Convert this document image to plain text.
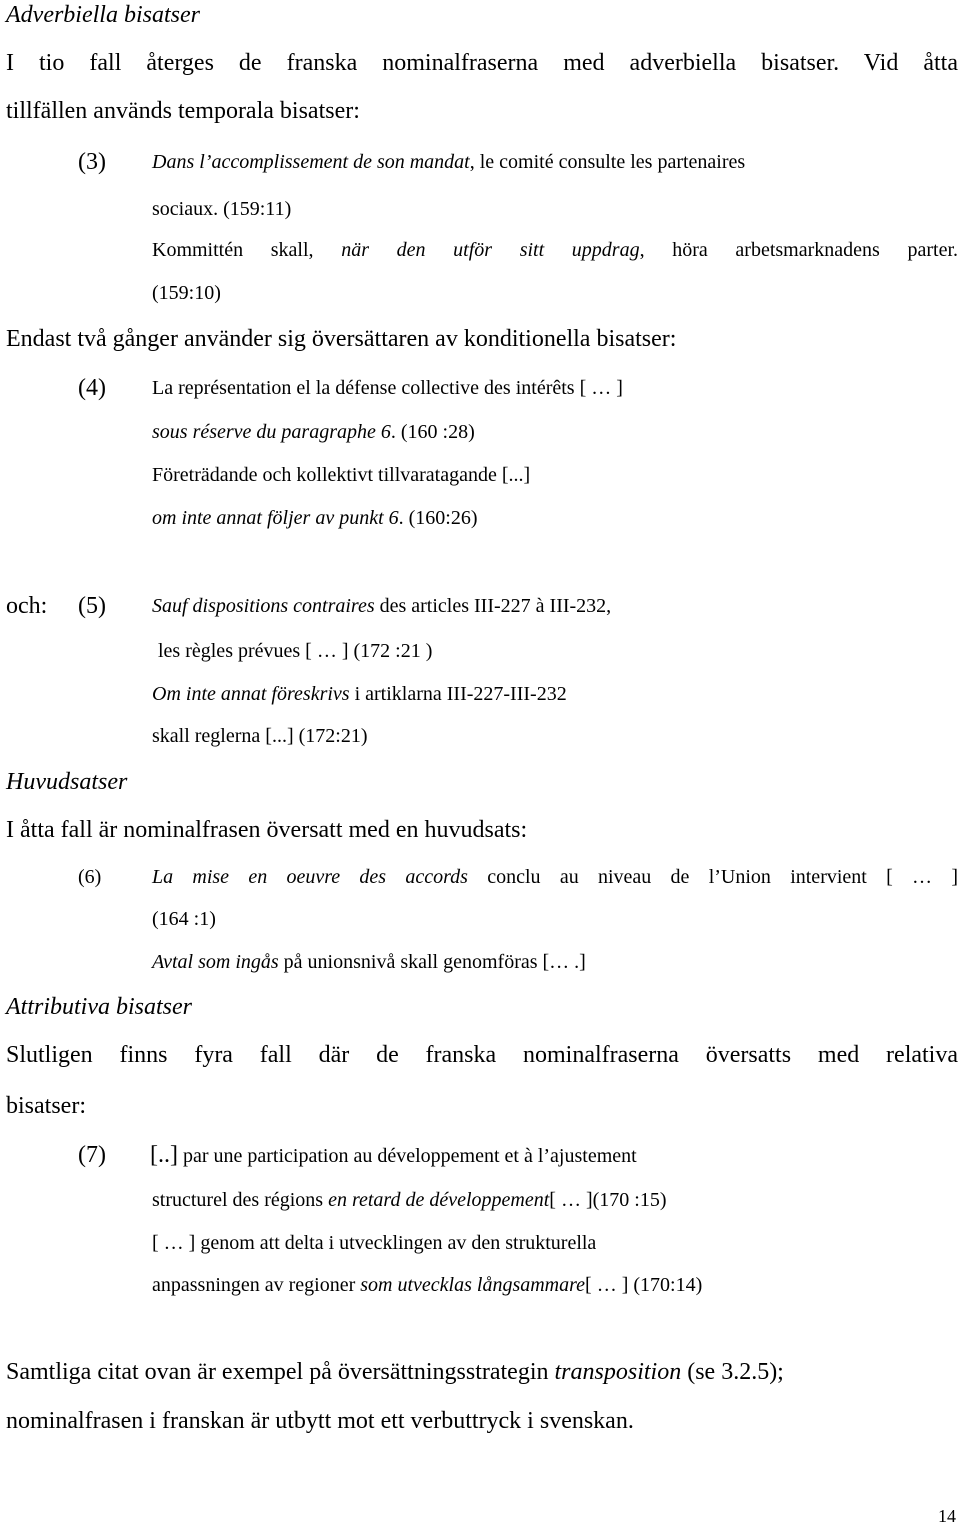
Adverbiella bisatser
I tio fall återges de franska nominalfraserna med adverbiella bisatser. Vid åtta
tillfällen används temporala bisatser:
(3) Dans l’accomplissement de son mandat, le comité consulte les partenaires
sociaux. (159:11)
Kommittén skall, när den utför sitt uppdrag, höra arbetsmarknadens parter.
(159:10)
Endast två gånger använder sig översättaren av konditionella bisatser:
(4) La représentation el la défense collective des intérêts [ … ]
sous réserve du paragraphe 6. (160 :28)
Företrädande och kollektivt tillvaratagande [...]
om inte annat följer av punkt 6. (160:26)
och: (5) Sauf dispositions contraires des articles III-227 à III-232,
les règles prévues [ … ] (172 :21 )
Om inte annat föreskrivs i artiklarna III-227-III-232
skall reglerna [...] (172:21)
Huvudsatser
I åtta fall är nominalfrasen översatt med en huvudsats:
(6)	La mise en oeuvre des accords conclu au niveau de l’Union intervient [ … ]
(164 :1)
Avtal som ingås på unionsnivå skall genomföras [… .]
Attributiva bisatser
Slutligen finns fyra fall där de franska nominalfraserna översatts med relativa
bisatser:
(7) [..] par une participation au développement et à l’ajustement
structurel des régions en retard de développement[ … ](170 :15)
[ … ] genom att delta i utvecklingen av den strukturella
anpassningen av regioner som utvecklas långsammare[ … ] (170:14)
Samtliga citat ovan är exempel på översättningsstrategin transposition (se 3.2.5);
nominalfrasen i franskan är utbytt mot ett verbuttryck i svenskan.
14
